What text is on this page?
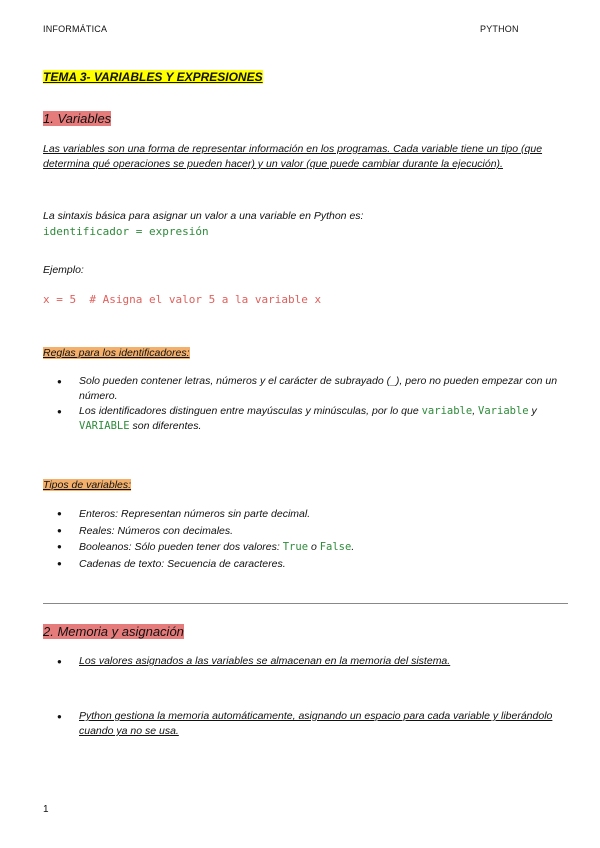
INFORMÁTICA	PYTHON
TEMA 3- VARIABLES Y EXPRESIONES
1. Variables
Las variables son una forma de representar información en los programas. Cada variable tiene un tipo (que determina qué operaciones se pueden hacer) y un valor (que puede cambiar durante la ejecución).
La sintaxis básica para asignar un valor a una variable en Python es:
identificador = expresión
Ejemplo:
x = 5  # Asigna el valor 5 a la variable x
Reglas para los identificadores:
● Solo pueden contener letras, números y el carácter de subrayado (_), pero no pueden empezar con un número.
● Los identificadores distinguen entre mayúsculas y minúsculas, por lo que variable, Variable y VARIABLE son diferentes.
Tipos de variables:
● Enteros: Representan números sin parte decimal.
● Reales: Números con decimales.
● Booleanos: Sólo pueden tener dos valores: True o False.
● Cadenas de texto: Secuencia de caracteres.
2. Memoria y asignación
● Los valores asignados a las variables se almacenan en la memoria del sistema.
● Python gestiona la memoria automáticamente, asignando un espacio para cada variable y liberándolo cuando ya no se usa.
1
